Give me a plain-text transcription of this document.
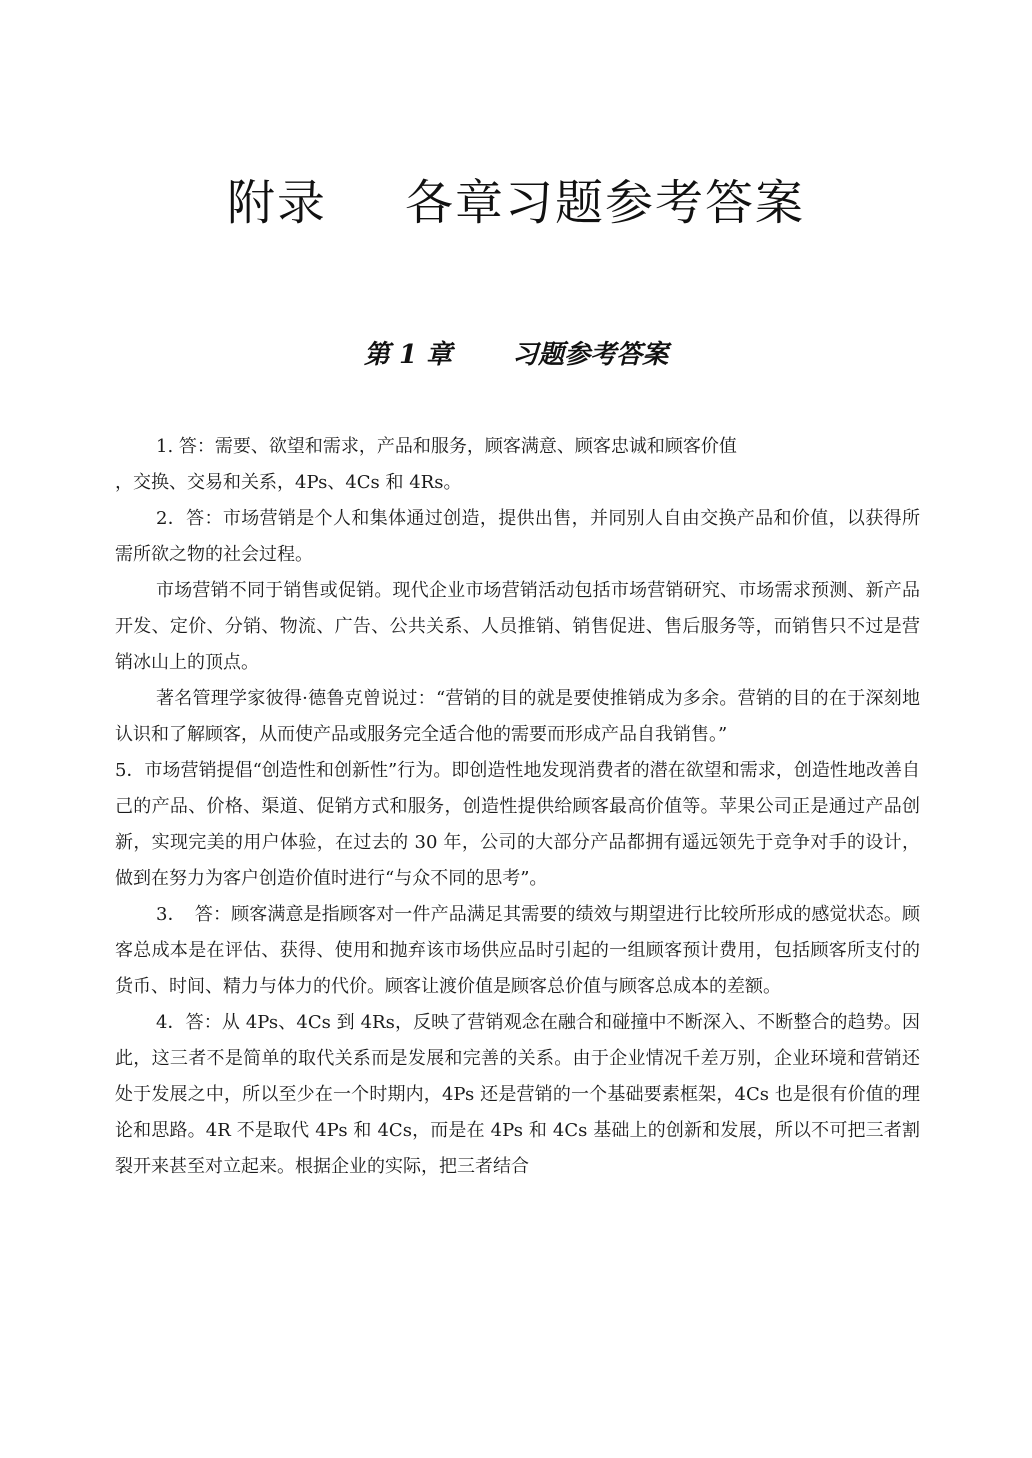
附录 各章习题参考答案
第 1 章 习题参考答案

1. 答：需要、欲望和需求，产品和服务，顾客满意、顾客忠诚和顾客价值

，交换、交易和关系，4Ps、4Cs 和 4Rs。

2．答：市场营销是个人和集体通过创造，提供出售，并同别人自由交换产品和价值，以获得所需所欲之物的社会过程。

市场营销不同于销售或促销。现代企业市场营销活动包括市场营销研究、市场需求预测、新产品开发、定价、分销、物流、广告、公共关系、人员推销、销售促进、售后服务等，而销售只不过是营销冰山上的顶点。

著名管理学家彼得·德鲁克曾说过：“营销的目的就是要使推销成为多余。营销的目的在于深刻地认识和了解顾客，从而使产品或服务完全适合他的需要而形成产品自我销售。”

5．市场营销提倡“创造性和创新性”行为。即创造性地发现消费者的潜在欲望和需求，创造性地改善自己的产品、价格、渠道、促销方式和服务，创造性提供给顾客最高价值等。苹果公司正是通过产品创新，实现完美的用户体验，在过去的 30 年，公司的大部分产品都拥有遥远领先于竞争对手的设计，做到在努力为客户创造价值时进行“与众不同的思考”。

3．　答：顾客满意是指顾客对一件产品满足其需要的绩效与期望进行比较所形成的感觉状态。顾客总成本是在评估、获得、使用和抛弃该市场供应品时引起的一组顾客预计费用，包括顾客所支付的货币、时间、精力与体力的代价。顾客让渡价值是顾客总价值与顾客总成本的差额。

4．答：从 4Ps、4Cs 到 4Rs，反映了营销观念在融合和碰撞中不断深入、不断整合的趋势。因此，这三者不是简单的取代关系而是发展和完善的关系。由于企业情况千差万别，企业环境和营销还处于发展之中，所以至少在一个时期内，4Ps 还是营销的一个基础要素框架，4Cs 也是很有价值的理论和思路。4R 不是取代 4Ps 和 4Cs，而是在 4Ps 和 4Cs 基础上的创新和发展，所以不可把三者割裂开来甚至对立起来。根据企业的实际，把三者结合
